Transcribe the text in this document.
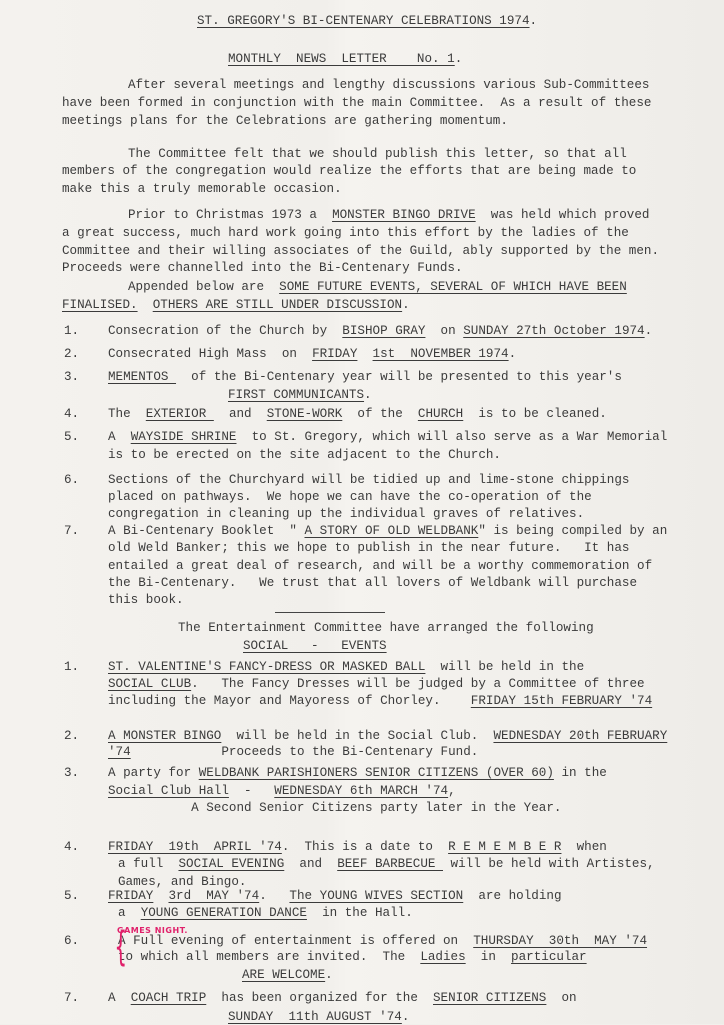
ST. GREGORY'S BI-CENTENARY CELEBRATIONS 1974.
MONTHLY  NEWS  LETTER    No. 1.
After several meetings and lengthy discussions various Sub-Committees
have been formed in conjunction with the main Committee.  As a result of these
meetings plans for the Celebrations are gathering momentum.
The Committee felt that we should publish this letter, so that all
members of the congregation would realize the efforts that are being made to
make this a truly memorable occasion.
Prior to Christmas 1973 a  MONSTER BINGO DRIVE  was held which proved
a great success, much hard work going into this effort by the ladies of the
Committee and their willing associates of the Guild, ably supported by the men.
Proceeds were channelled into the Bi-Centenary Funds.
Appended below are  SOME FUTURE EVENTS, SEVERAL OF WHICH HAVE BEEN
FINALISED. OTHERS ARE STILL UNDER DISCUSSION.
1. Consecration of the Church by  BISHOP GRAY  on SUNDAY 27th October 1974.
2. Consecrated High Mass  on  FRIDAY 1st  NOVEMBER 1974.
3. MEMENTOS   of the Bi-Centenary year will be presented to this year's
FIRST COMMUNICANTS.
4. The  EXTERIOR   and  STONE-WORK  of the  CHURCH  is to be cleaned.
5. A  WAYSIDE SHRINE  to St. Gregory, which will also serve as a War Memorial
is to be erected on the site adjacent to the Church.
6. Sections of the Churchyard will be tidied up and lime-stone chippings
placed on pathways.  We hope we can have the co-operation of the
congregation in cleaning up the individual graves of relatives.
7. A Bi-Centenary Booklet  " A STORY OF OLD WELDBANK" is being compiled by an
old Weld Banker; this we hope to publish in the near future.   It has
entailed a great deal of research, and will be a worthy commemoration of
the Bi-Centenary.   We trust that all lovers of Weldbank will purchase
this book.
The Entertainment Committee have arranged the following
SOCIAL   -   EVENTS
1. ST. VALENTINE'S FANCY-DRESS OR MASKED BALL  will be held in the
SOCIAL CLUB.   The Fancy Dresses will be judged by a Committee of three
including the Mayor and Mayoress of Chorley.    FRIDAY 15th FEBRUARY '74
2. A MONSTER BINGO  will be held in the Social Club.  WEDNESDAY 20th FEBRUARY
'74            Proceeds to the Bi-Centenary Fund.
3. A party for WELDBANK PARISHIONERS SENIOR CITIZENS (OVER 60) in the
Social Club Hall  -   WEDNESDAY 6th MARCH '74,
A Second Senior Citizens party later in the Year.
4. FRIDAY  19th  APRIL '74.  This is a date to  R E M E M B E R  when
a full  SOCIAL EVENING  and  BEEF BARBECUE  will be held with Artistes,
Games, and Bingo.
5. FRIDAY 3rd  MAY '74.   The YOUNG WIVES SECTION  are holding
a  YOUNG GENERATION DANCE  in the Hall.
6.	A Full evening of entertainment is offered on  THURSDAY  30th  MAY '74
to which all members are invited.  The  Ladies  in  particular
ARE WELCOME.
7. A  COACH TRIP  has been organized for the  SENIOR CITIZENS  on
SUNDAY  11th AUGUST '74.
{
GAMES NIGHT.
